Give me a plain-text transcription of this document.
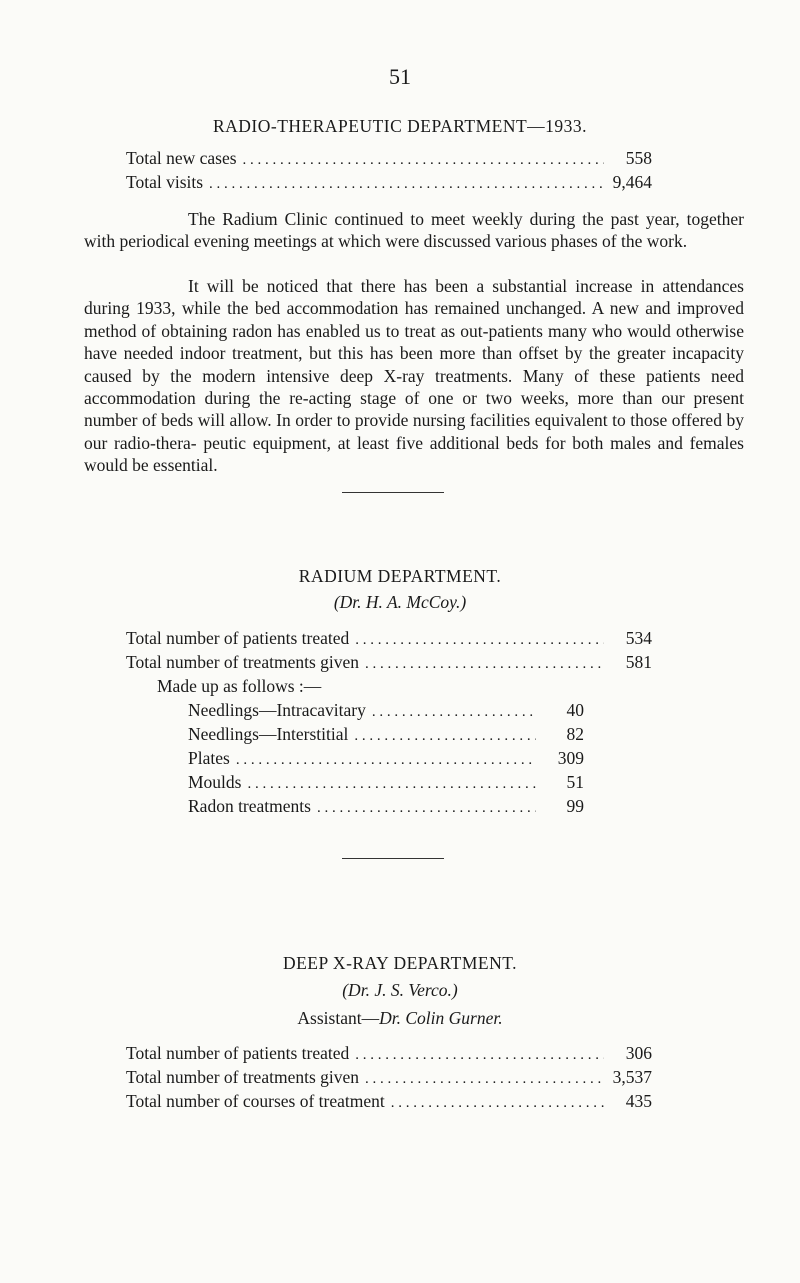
51
RADIO-THERAPEUTIC DEPARTMENT—1933.
Total new cases . . .	558
Total visits . . .	9,464

The Radium Clinic continued to meet weekly during the past year, together with periodical evening meetings at which were discussed various phases of the work.

It will be noticed that there has been a substantial increase in attendances during 1933, while the bed accommodation has remained unchanged. A new and improved method of obtaining radon has enabled us to treat as out-patients many who would otherwise have needed indoor treatment, but this has been more than offset by the greater incapacity caused by the modern intensive deep X-ray treatments. Many of these patients need accommodation during the re-acting stage of one or two weeks, more than our present number of beds will allow. In order to provide nursing facilities equivalent to those offered by our radio-thera- peutic equipment, at least five additional beds for both males and females would be essential.

RADIUM DEPARTMENT.
(Dr. H. A. McCoy.)
Total number of patients treated . . .	534
Total number of treatments given . . .	581
Made up as follows :—
Needlings—Intracavitary . . .	40
Needlings—Interstitial . . .	82
Plates . . .	309
Moulds . . .	51
Radon treatments . . .	99
DEEP X-RAY DEPARTMENT.
(Dr. J. S. Verco.)
Assistant—Dr. Colin Gurner.
Total number of patients treated . . .	306
Total number of treatments given . . .	3,537
Total number of courses of treatment . . .	435
